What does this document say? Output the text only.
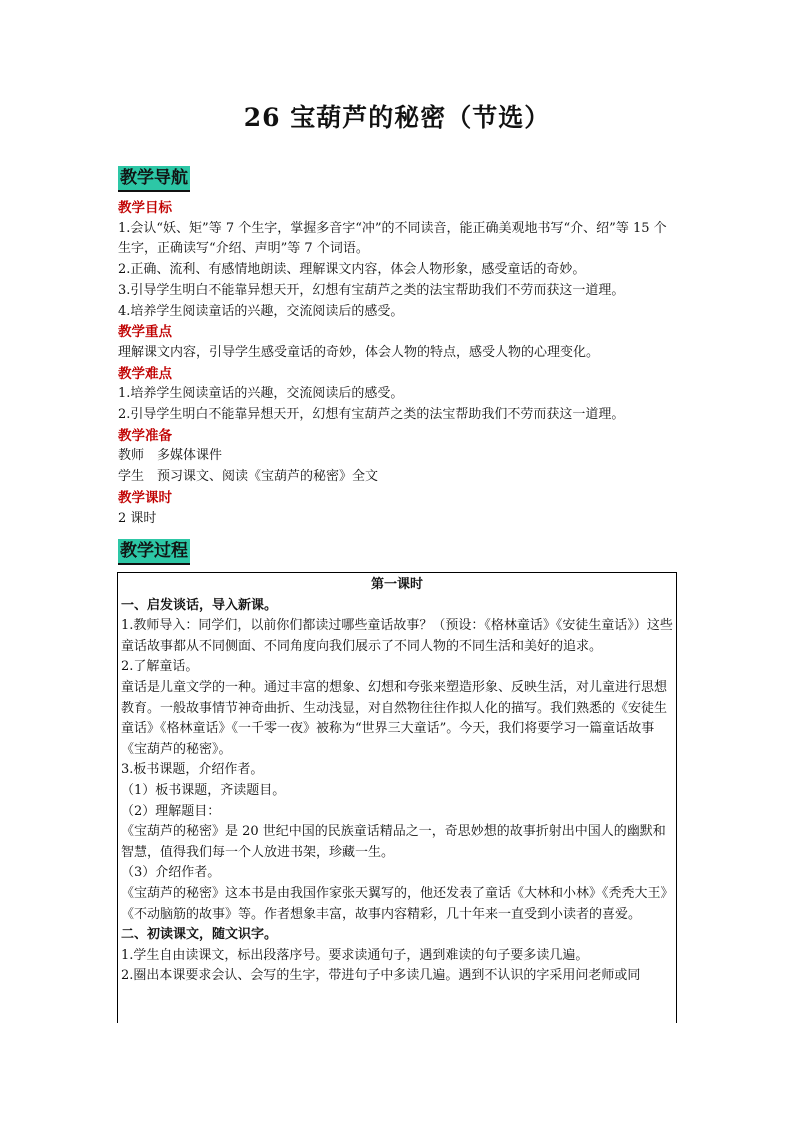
26 宝葫芦的秘密（节选）
教学导航
教学目标
1.会认“妖、矩”等 7 个生字，掌握多音字“冲”的不同读音，能正确美观地书写“介、绍”等 15 个生字，正确读写“介绍、声明”等 7 个词语。
2.正确、流利、有感情地朗读、理解课文内容，体会人物形象，感受童话的奇妙。
3.引导学生明白不能靠异想天开，幻想有宝葫芦之类的法宝帮助我们不劳而获这一道理。
4.培养学生阅读童话的兴趣，交流阅读后的感受。
教学重点
理解课文内容，引导学生感受童话的奇妙，体会人物的特点，感受人物的心理变化。
教学难点
1.培养学生阅读童话的兴趣，交流阅读后的感受。
2.引导学生明白不能靠异想天开，幻想有宝葫芦之类的法宝帮助我们不劳而获这一道理。
教学准备
教师　多媒体课件
学生　预习课文、阅读《宝葫芦的秘密》全文
教学课时
2 课时
教学过程
第一课时
一、启发谈话，导入新课。
1.教师导入：同学们，以前你们都读过哪些童话故事？（预设：《格林童话》《安徒生童话》）这些童话故事都从不同侧面、不同角度向我们展示了不同人物的不同生活和美好的追求。
2.了解童话。
童话是儿童文学的一种。通过丰富的想象、幻想和夸张来塑造形象、反映生活，对儿童进行思想教育。一般故事情节神奇曲折、生动浅显，对自然物往往作拟人化的描写。我们熟悉的《安徒生童话》《格林童话》《一千零一夜》被称为“世界三大童话”。今天，我们将要学习一篇童话故事《宝葫芦的秘密》。
3.板书课题，介绍作者。
（1）板书课题，齐读题目。
（2）理解题目：
《宝葫芦的秘密》是 20 世纪中国的民族童话精品之一，奇思妙想的故事折射出中国人的幽默和智慧，值得我们每一个人放进书架，珍藏一生。
（3）介绍作者。
《宝葫芦的秘密》这本书是由我国作家张天翼写的，他还发表了童话《大林和小林》《秃秃大王》《不动脑筋的故事》等。作者想象丰富，故事内容精彩，几十年来一直受到小读者的喜爱。
二、初读课文，随文识字。
1.学生自由读课文，标出段落序号。要求读通句子，遇到难读的句子要多读几遍。
2.圈出本课要求会认、会写的生字，带进句子中多读几遍。遇到不认识的字采用问老师或同
